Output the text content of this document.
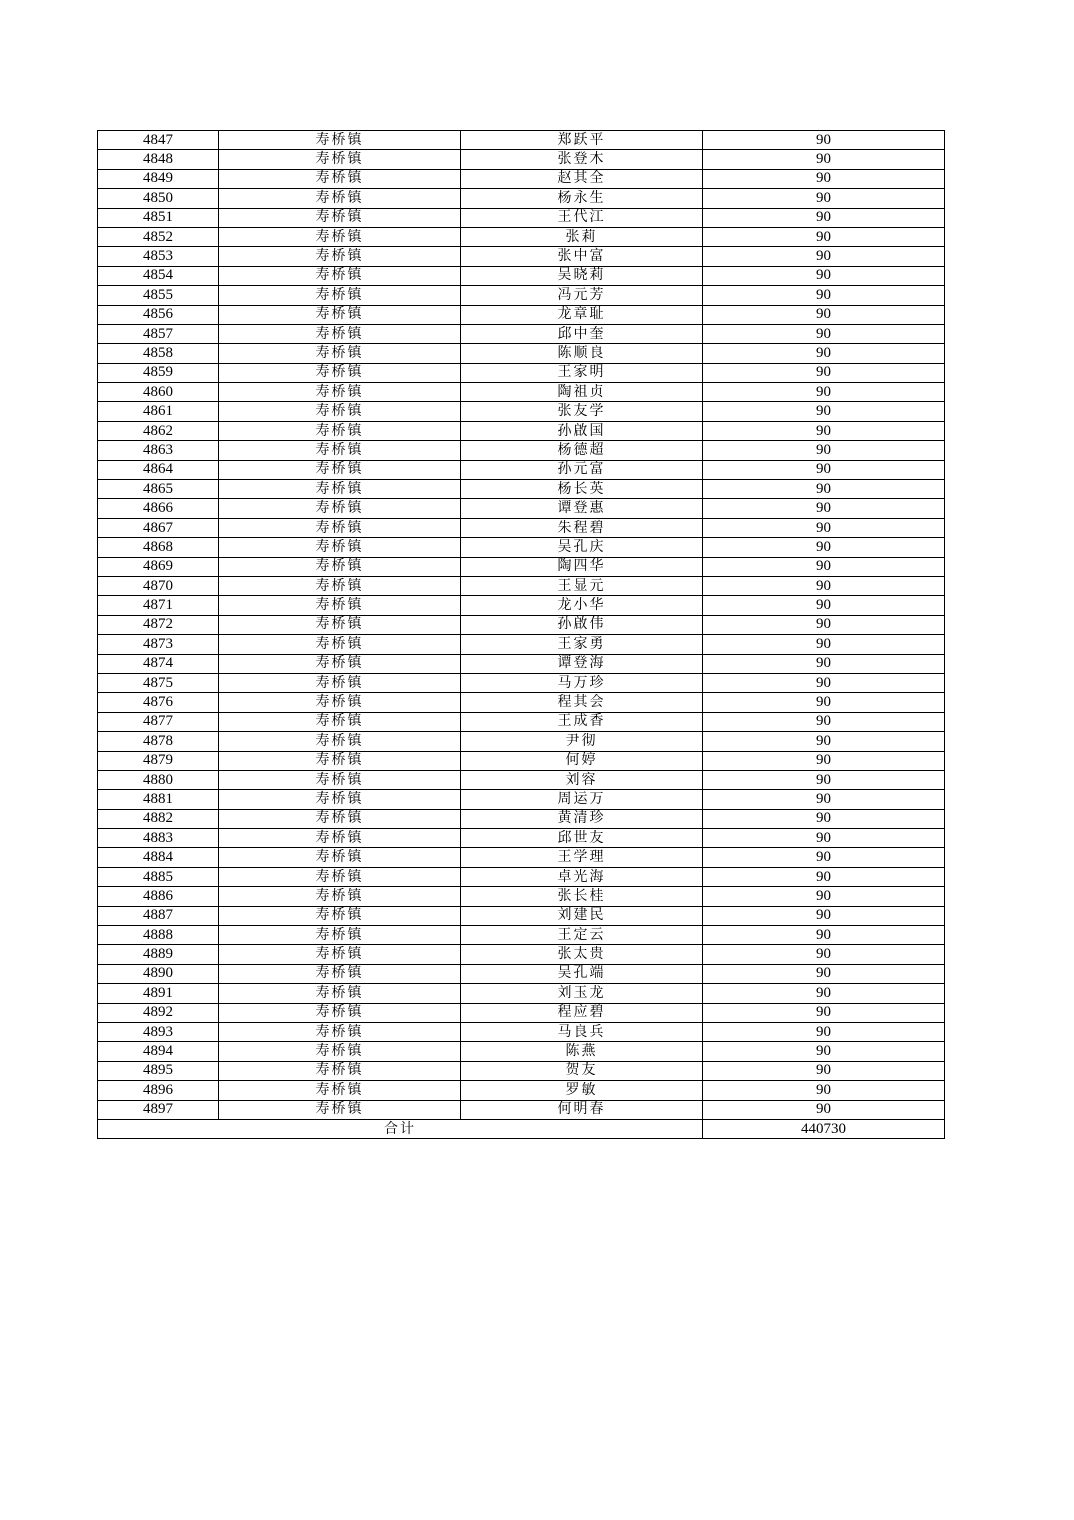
4847	寿桥镇	郑跃平	90
4848	寿桥镇	张登木	90
4849	寿桥镇	赵其全	90
4850	寿桥镇	杨永生	90
4851	寿桥镇	王代江	90
4852	寿桥镇	张莉	90
4853	寿桥镇	张中富	90
4854	寿桥镇	吴晓莉	90
4855	寿桥镇	冯元芳	90
4856	寿桥镇	龙章耻	90
4857	寿桥镇	邱中奎	90
4858	寿桥镇	陈顺良	90
4859	寿桥镇	王家明	90
4860	寿桥镇	陶祖贞	90
4861	寿桥镇	张友学	90
4862	寿桥镇	孙啟国	90
4863	寿桥镇	杨德超	90
4864	寿桥镇	孙元富	90
4865	寿桥镇	杨长英	90
4866	寿桥镇	谭登惠	90
4867	寿桥镇	朱程碧	90
4868	寿桥镇	吴孔庆	90
4869	寿桥镇	陶四华	90
4870	寿桥镇	王显元	90
4871	寿桥镇	龙小华	90
4872	寿桥镇	孙啟伟	90
4873	寿桥镇	王家勇	90
4874	寿桥镇	谭登海	90
4875	寿桥镇	马万珍	90
4876	寿桥镇	程其会	90
4877	寿桥镇	王成香	90
4878	寿桥镇	尹彻	90
4879	寿桥镇	何婷	90
4880	寿桥镇	刘容	90
4881	寿桥镇	周运万	90
4882	寿桥镇	黄清珍	90
4883	寿桥镇	邱世友	90
4884	寿桥镇	王学理	90
4885	寿桥镇	卓光海	90
4886	寿桥镇	张长桂	90
4887	寿桥镇	刘建民	90
4888	寿桥镇	王定云	90
4889	寿桥镇	张太贵	90
4890	寿桥镇	吴孔端	90
4891	寿桥镇	刘玉龙	90
4892	寿桥镇	程应碧	90
4893	寿桥镇	马良兵	90
4894	寿桥镇	陈燕	90
4895	寿桥镇	贺友	90
4896	寿桥镇	罗敏	90
4897	寿桥镇	何明春	90
合计			440730
